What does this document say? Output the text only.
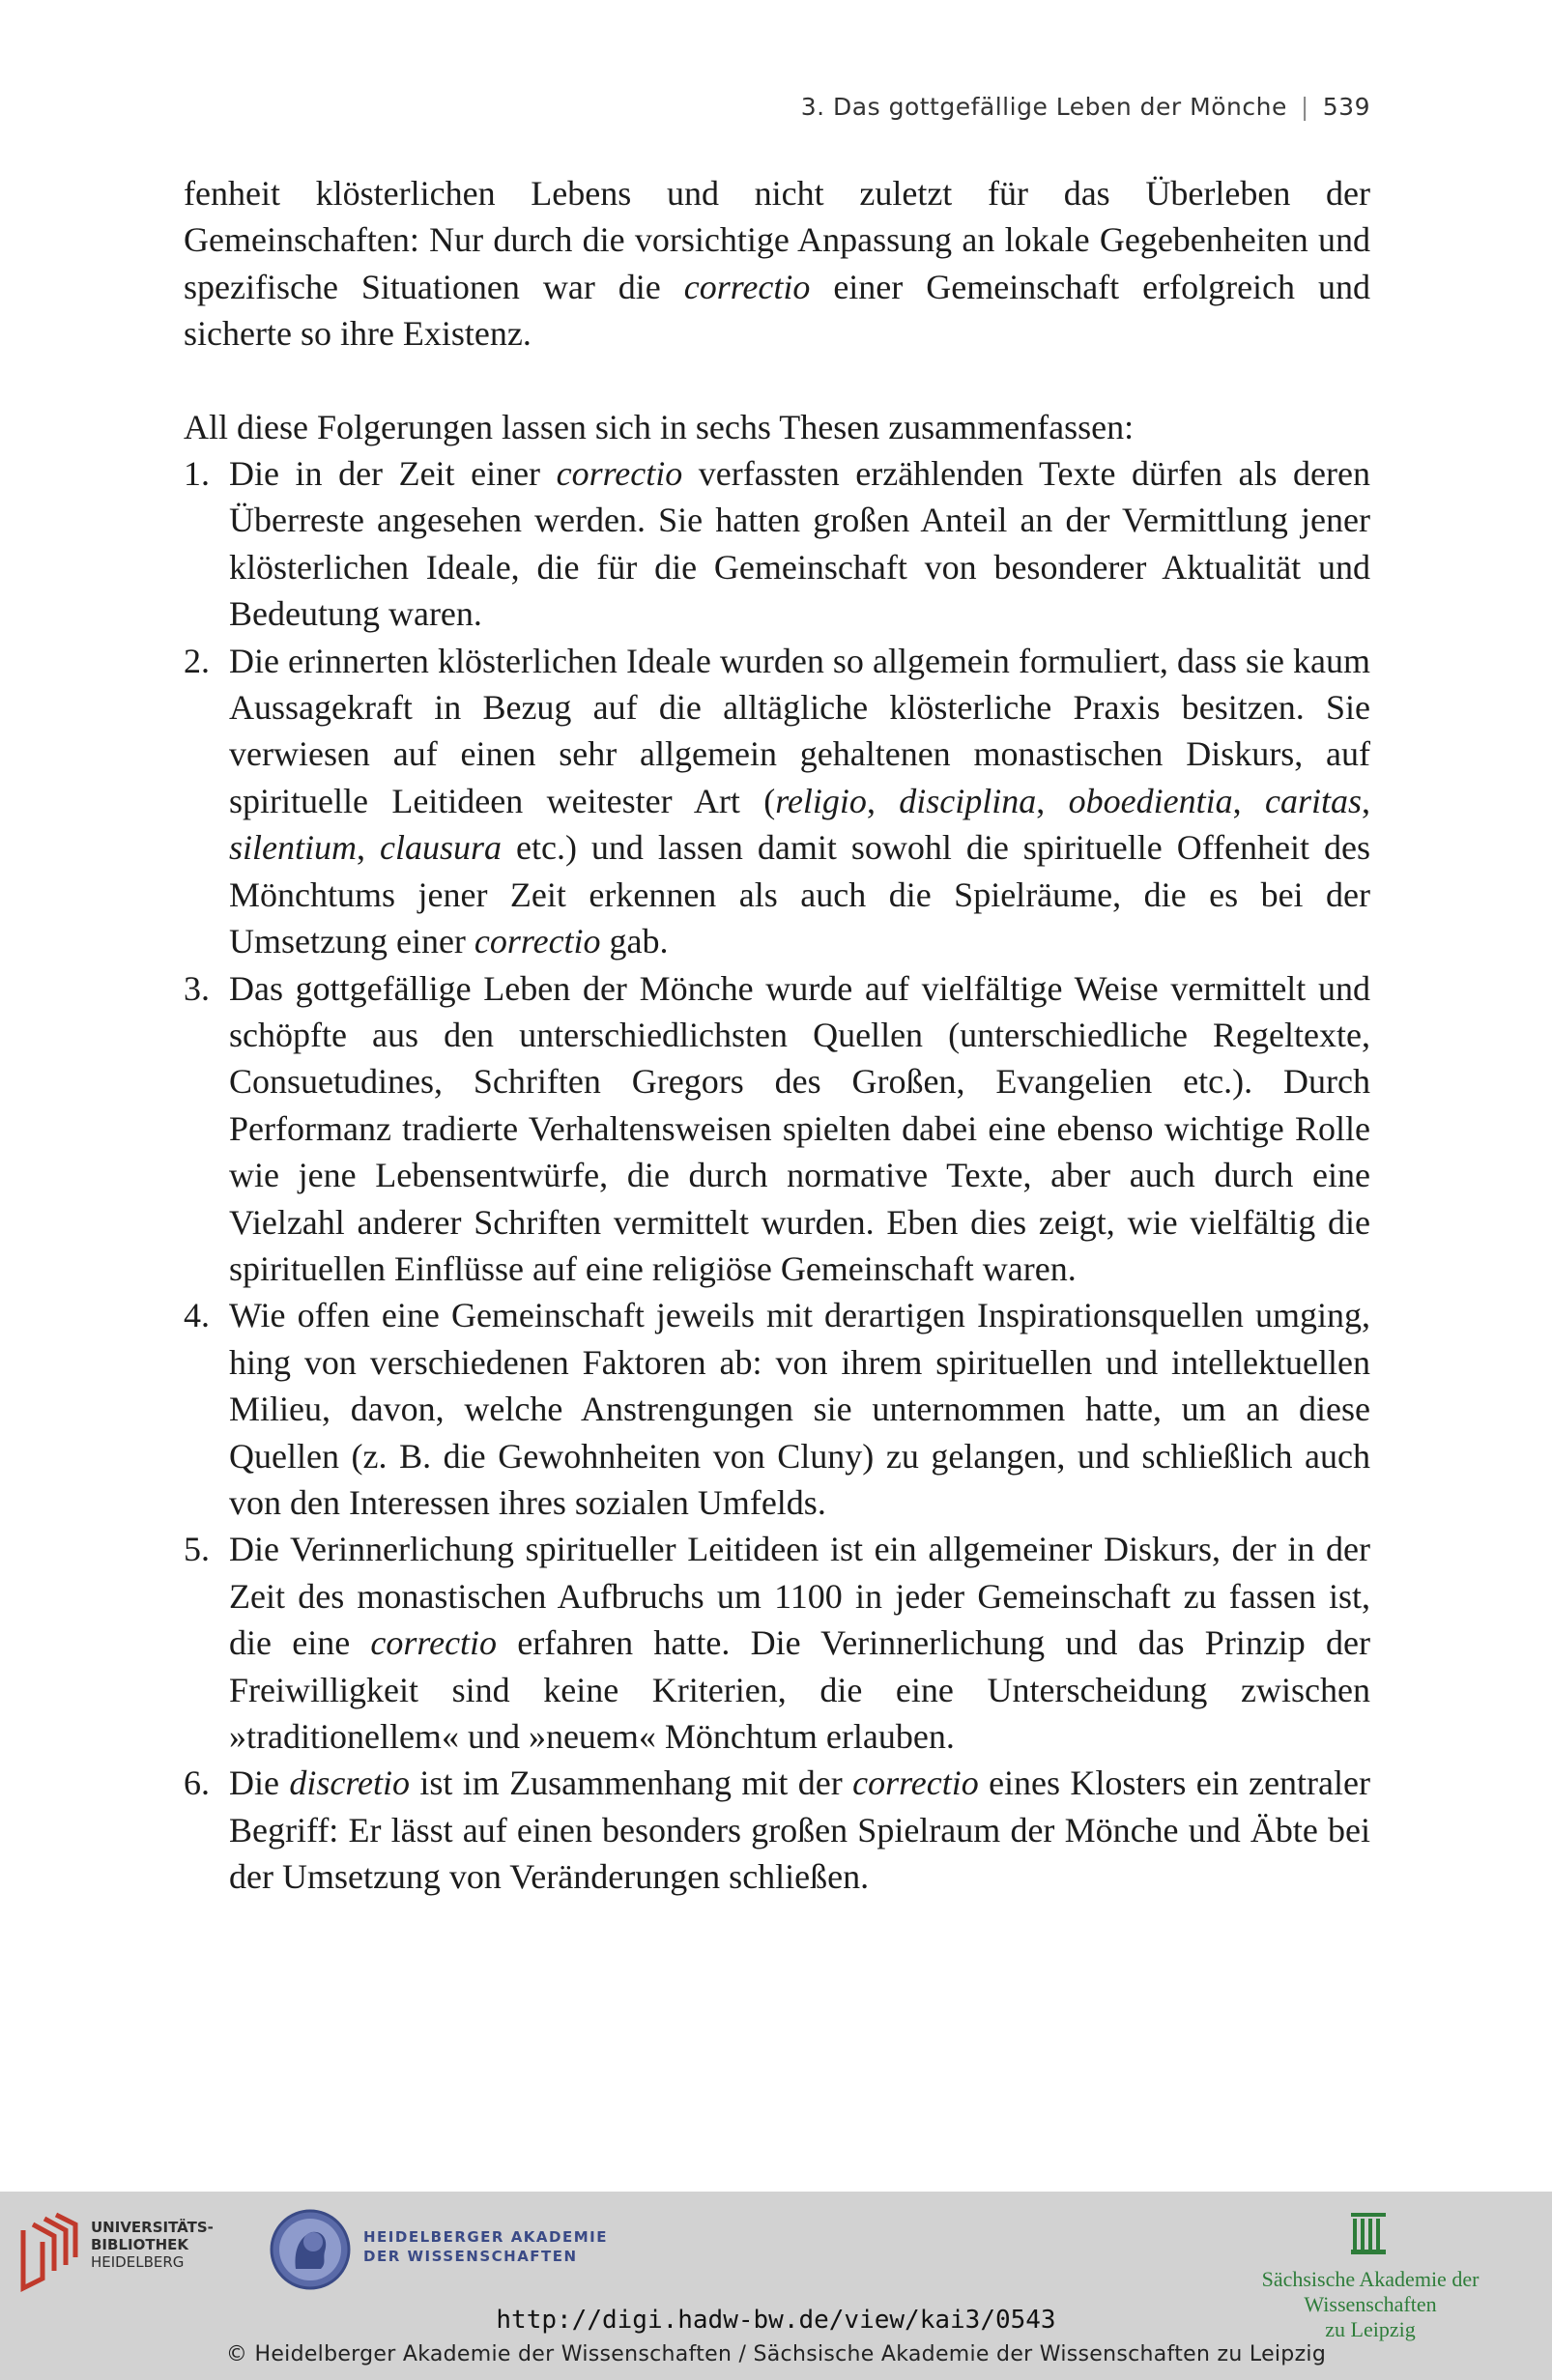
3. Das gottgefällige Leben der Mönche | 539

fenheit klösterlichen Lebens und nicht zuletzt für das Überleben der Gemeinschaften: Nur durch die vorsichtige Anpassung an lokale Gegebenheiten und spezifische Situationen war die correctio einer Gemeinschaft erfolgreich und sicherte so ihre Existenz.

All diese Folgerungen lassen sich in sechs Thesen zusammenfassen:

1. Die in der Zeit einer correctio verfassten erzählenden Texte dürfen als deren Überreste angesehen werden. Sie hatten großen Anteil an der Vermittlung jener klösterlichen Ideale, die für die Gemeinschaft von besonderer Aktualität und Bedeutung waren.

2. Die erinnerten klösterlichen Ideale wurden so allgemein formuliert, dass sie kaum Aussagekraft in Bezug auf die alltägliche klösterliche Praxis besitzen. Sie verwiesen auf einen sehr allgemein gehaltenen monastischen Diskurs, auf spirituelle Leitideen weitester Art (religio, disciplina, oboedientia, caritas, silentium, clausura etc.) und lassen damit sowohl die spirituelle Offenheit des Mönchtums jener Zeit erkennen als auch die Spielräume, die es bei der Umsetzung einer correctio gab.

3. Das gottgefällige Leben der Mönche wurde auf vielfältige Weise vermittelt und schöpfte aus den unterschiedlichsten Quellen (unterschiedliche Regeltexte, Consuetudines, Schriften Gregors des Großen, Evangelien etc.). Durch Performanz tradierte Verhaltensweisen spielten dabei eine ebenso wichtige Rolle wie jene Lebensentwürfe, die durch normative Texte, aber auch durch eine Vielzahl anderer Schriften vermittelt wurden. Eben dies zeigt, wie vielfältig die spirituellen Einflüsse auf eine religiöse Gemeinschaft waren.

4. Wie offen eine Gemeinschaft jeweils mit derartigen Inspirationsquellen umging, hing von verschiedenen Faktoren ab: von ihrem spirituellen und intellektuellen Milieu, davon, welche Anstrengungen sie unternommen hatte, um an diese Quellen (z. B. die Gewohnheiten von Cluny) zu gelangen, und schließlich auch von den Interessen ihres sozialen Umfelds.

5. Die Verinnerlichung spiritueller Leitideen ist ein allgemeiner Diskurs, der in der Zeit des monastischen Aufbruchs um 1100 in jeder Gemeinschaft zu fassen ist, die eine correctio erfahren hatte. Die Verinnerlichung und das Prinzip der Freiwilligkeit sind keine Kriterien, die eine Unterscheidung zwischen »traditionellem« und »neuem« Mönchtum erlauben.

6. Die discretio ist im Zusammenhang mit der correctio eines Klosters ein zentraler Begriff: Er lässt auf einen besonders großen Spielraum der Mönche und Äbte bei der Umsetzung von Veränderungen schließen.

UNIVERSITÄTS-
BIBLIOTHEK
HEIDELBERG
HEIDELBERGER AKADEMIE
DER WISSENSCHAFTEN
Sächsische Akademie der Wissenschaften
zu Leipzig
http://digi.hadw-bw.de/view/kai3/0543
© Heidelberger Akademie der Wissenschaften / Sächsische Akademie der Wissenschaften zu Leipzig
